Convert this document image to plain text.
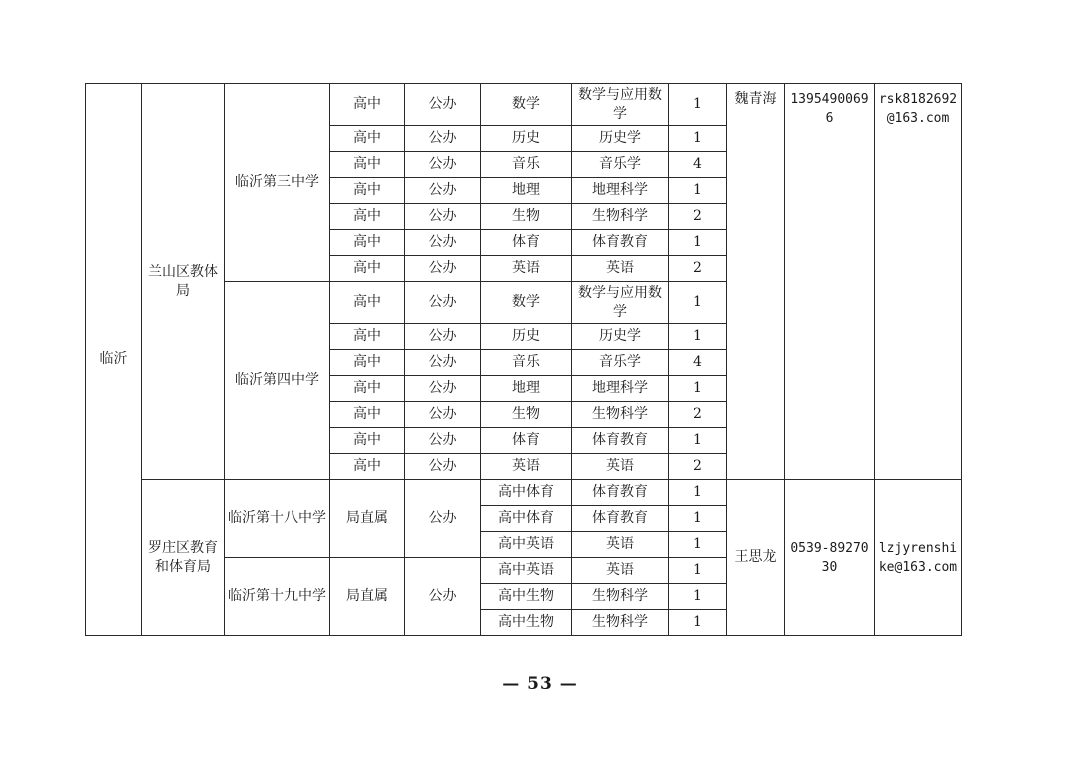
临沂	兰山区教体局	临沂第三中学	高中	公办	数学	数学与应用数学	1	魏青海	13954900696	rsk8182692@163.com
			高中	公办	历史	历史学	1			
			高中	公办	音乐	音乐学	4			
			高中	公办	地理	地理科学	1			
			高中	公办	生物	生物科学	2			
			高中	公办	体育	体育教育	1			
			高中	公办	英语	英语	2			
		临沂第四中学	高中	公办	数学	数学与应用数学	1			
			高中	公办	历史	历史学	1			
			高中	公办	音乐	音乐学	4			
			高中	公办	地理	地理科学	1			
			高中	公办	生物	生物科学	2			
			高中	公办	体育	体育教育	1			
			高中	公办	英语	英语	2			
	罗庄区教育和体育局	临沂第十八中学	局直属	公办	高中体育	体育教育	1	王思龙	0539-8927030	lzjyrenshike@163.com
					高中体育	体育教育	1			
					高中英语	英语	1			
		临沂第十九中学	局直属	公办	高中英语	英语	1			
					高中生物	生物科学	1			
					高中生物	生物科学	1			
— 53 —
